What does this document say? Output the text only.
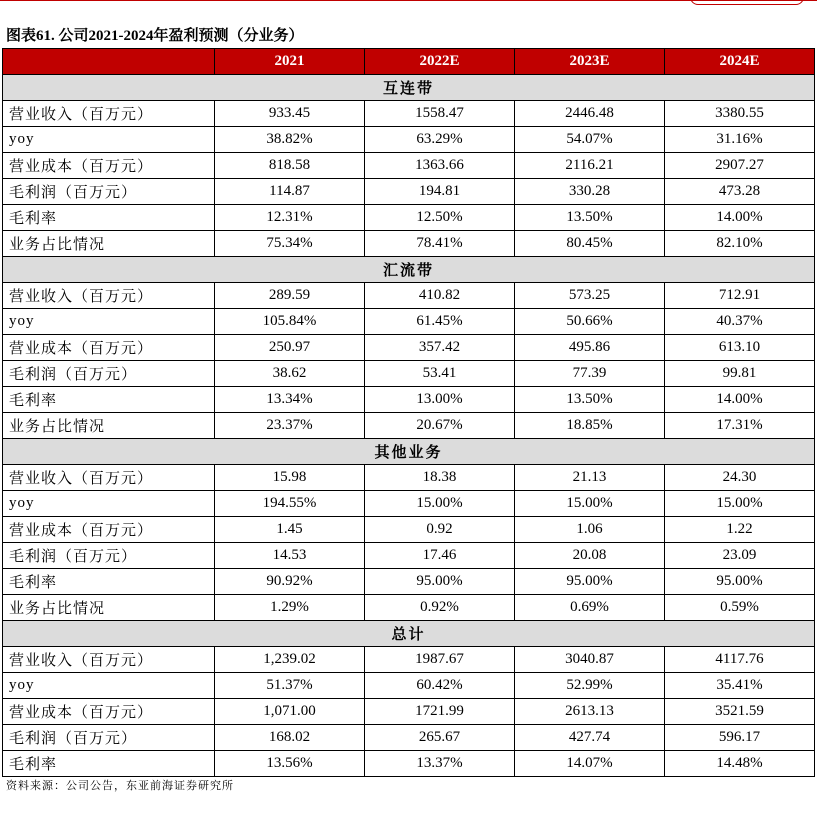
图表61. 公司2021-2024年盈利预测（分业务）
	2021	2022E	2023E	2024E
互连带				
营业收入（百万元）	933.45	1558.47	2446.48	3380.55
yoy	38.82%	63.29%	54.07%	31.16%
营业成本（百万元）	818.58	1363.66	2116.21	2907.27
毛利润（百万元）	114.87	194.81	330.28	473.28
毛利率	12.31%	12.50%	13.50%	14.00%
业务占比情况	75.34%	78.41%	80.45%	82.10%
汇流带				
营业收入（百万元）	289.59	410.82	573.25	712.91
yoy	105.84%	61.45%	50.66%	40.37%
营业成本（百万元）	250.97	357.42	495.86	613.10
毛利润（百万元）	38.62	53.41	77.39	99.81
毛利率	13.34%	13.00%	13.50%	14.00%
业务占比情况	23.37%	20.67%	18.85%	17.31%
其他业务				
营业收入（百万元）	15.98	18.38	21.13	24.30
yoy	194.55%	15.00%	15.00%	15.00%
营业成本（百万元）	1.45	0.92	1.06	1.22
毛利润（百万元）	14.53	17.46	20.08	23.09
毛利率	90.92%	95.00%	95.00%	95.00%
业务占比情况	1.29%	0.92%	0.69%	0.59%
总计				
营业收入（百万元）	1,239.02	1987.67	3040.87	4117.76
yoy	51.37%	60.42%	52.99%	35.41%
营业成本（百万元）	1,071.00	1721.99	2613.13	3521.59
毛利润（百万元）	168.02	265.67	427.74	596.17
毛利率	13.56%	13.37%	14.07%	14.48%
资料来源：公司公告，东亚前海证券研究所
